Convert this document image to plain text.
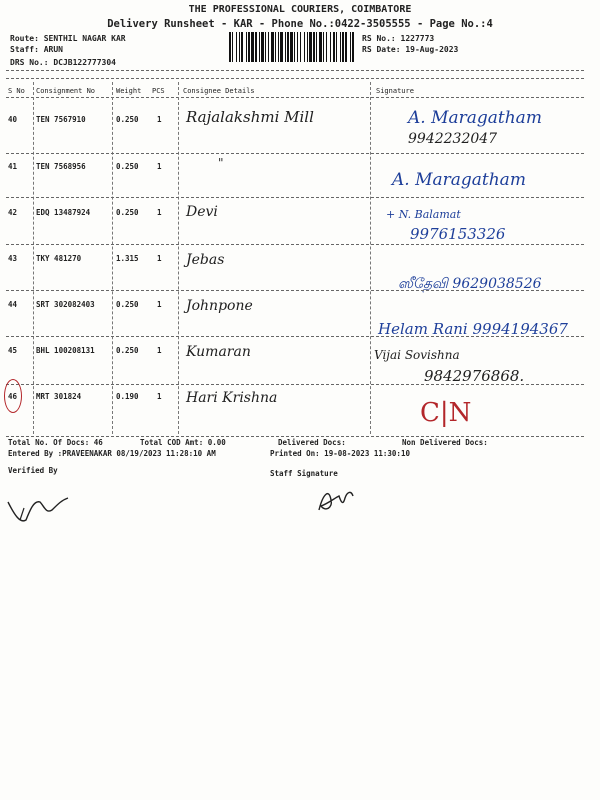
THE PROFESSIONAL COURIERS, COIMBATORE
Delivery Runsheet - KAR - Phone No.:0422-3505555 - Page No.:4
Route: SENTHIL NAGAR KAR
Staff: ARUN
DRS No.: DCJB122777304
RS No.: 1227773
RS Date: 19-Aug-2023
S No Consignment No	Weight PCS	Consignee Details	Signature
40	TEN 7567910	0.250 1 Rajalakshmi Mill	A. Maragatham
9942232047
41	TEN 7568956	0.250 1	"
A. Maragatham
42	EDQ 13487924	0.250 1 Devi	+ N. Balamat
9976153326
43	TKY 481270	1.315 1 Jebas
ஸீதேவி 9629038526
44	SRT 302082403	0.250 1 Johnpone
Helam Rani 9994194367
45	BHL 100208131	0.250 1 Kumaran	Vijai Sovishna
9842976868.
46	MRT 301824	0.190 1 Hari Krishna	C|N
Total No. Of Docs: 46	Total COD Amt: 0.00	Delivered Docs:	Non Delivered Docs:
Entered By :PRAVEENAKAR 08/19/2023 11:28:10 AM	Printed On: 19-08-2023 11:30:10
Verified By	Staff Signature
